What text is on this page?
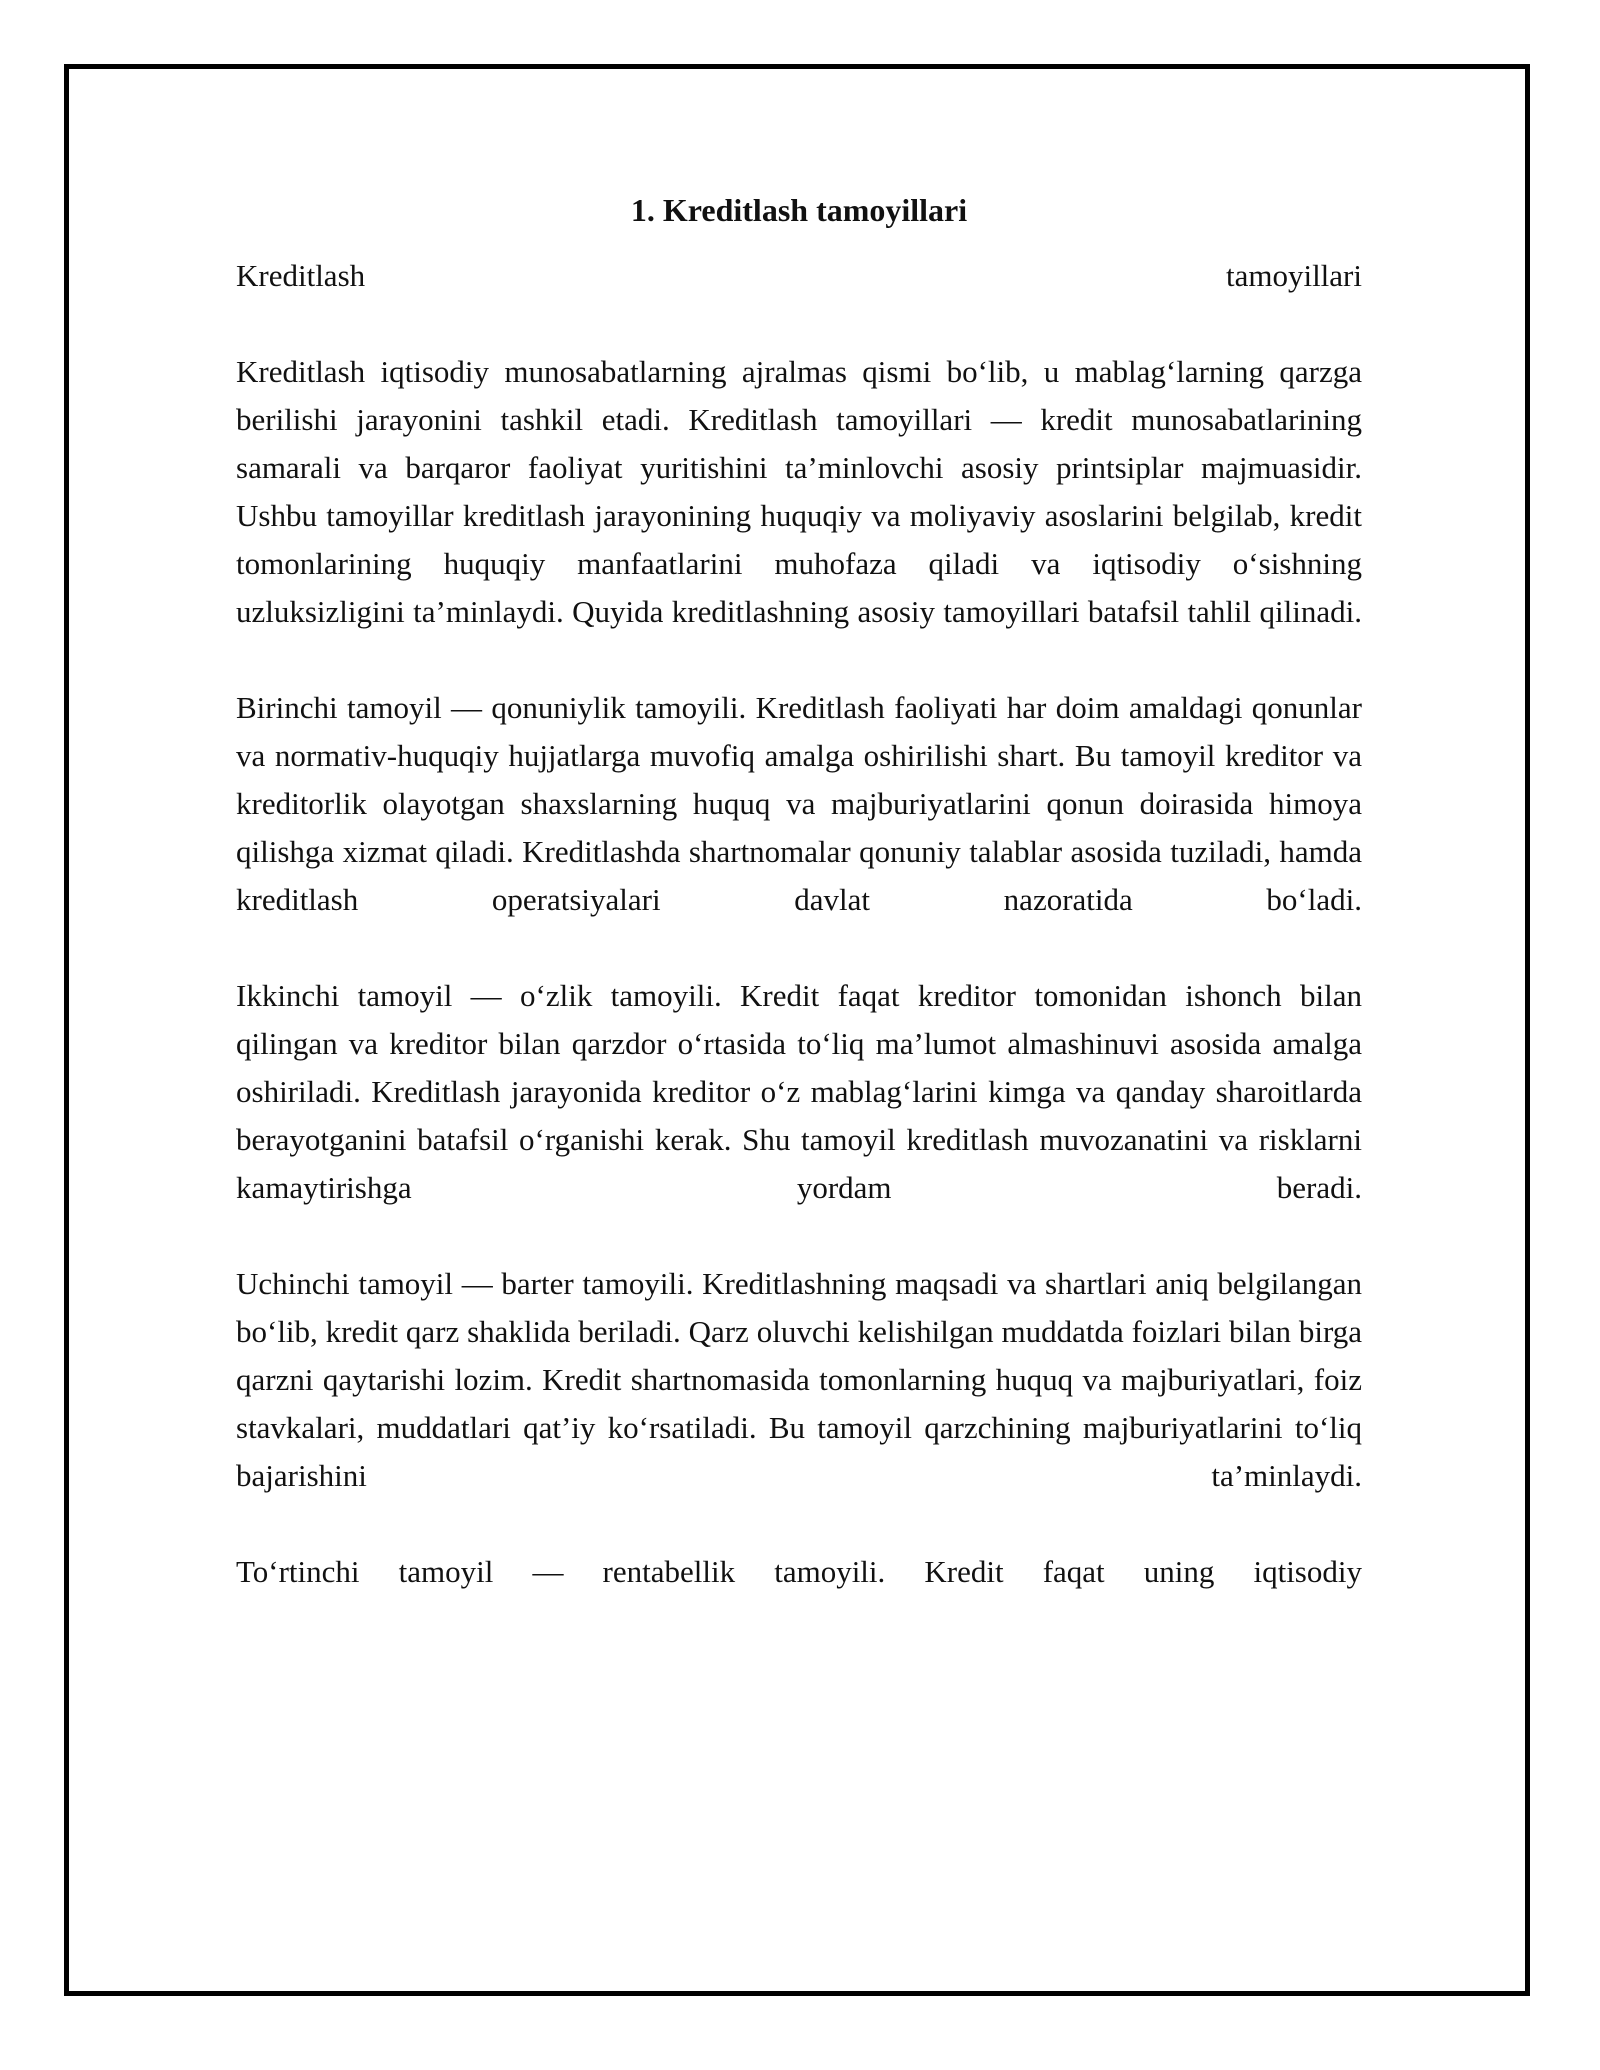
1. Kreditlash tamoyillari

Kreditlash tamoyillari

Kreditlash iqtisodiy munosabatlarning ajralmas qismi bo‘lib, u mablag‘larning qarzga berilishi jarayonini tashkil etadi. Kreditlash tamoyillari — kredit munosabatlarining samarali va barqaror faoliyat yuritishini ta’minlovchi asosiy printsiplar majmuasidir. Ushbu tamoyillar kreditlash jarayonining huquqiy va moliyaviy asoslarini belgilab, kredit tomonlarining huquqiy manfaatlarini muhofaza qiladi va iqtisodiy o‘sishning uzluksizligini ta’minlaydi. Quyida kreditlashning asosiy tamoyillari batafsil tahlil qilinadi.

Birinchi tamoyil — qonuniylik tamoyili. Kreditlash faoliyati har doim amaldagi qonunlar va normativ-huquqiy hujjatlarga muvofiq amalga oshirilishi shart. Bu tamoyil kreditor va kreditorlik olayotgan shaxslarning huquq va majburiyatlarini qonun doirasida himoya qilishga xizmat qiladi. Kreditlashda shartnomalar qonuniy talablar asosida tuziladi, hamda kreditlash operatsiyalari davlat nazoratida bo‘ladi.

Ikkinchi tamoyil — o‘zlik tamoyili. Kredit faqat kreditor tomonidan ishonch bilan qilingan va kreditor bilan qarzdor o‘rtasida to‘liq ma’lumot almashinuvi asosida amalga oshiriladi. Kreditlash jarayonida kreditor o‘z mablag‘larini kimga va qanday sharoitlarda berayotganini batafsil o‘rganishi kerak. Shu tamoyil kreditlash muvozanatini va risklarni kamaytirishga yordam beradi.

Uchinchi tamoyil — barter tamoyili. Kreditlashning maqsadi va shartlari aniq belgilangan bo‘lib, kredit qarz shaklida beriladi. Qarz oluvchi kelishilgan muddatda foizlari bilan birga qarzni qaytarishi lozim. Kredit shartnomasida tomonlarning huquq va majburiyatlari, foiz stavkalari, muddatlari qat’iy ko‘rsatiladi. Bu tamoyil qarzchining majburiyatlarini to‘liq bajarishini ta’minlaydi.

To‘rtinchi tamoyil — rentabellik tamoyili. Kredit faqat uning iqtisodiy
